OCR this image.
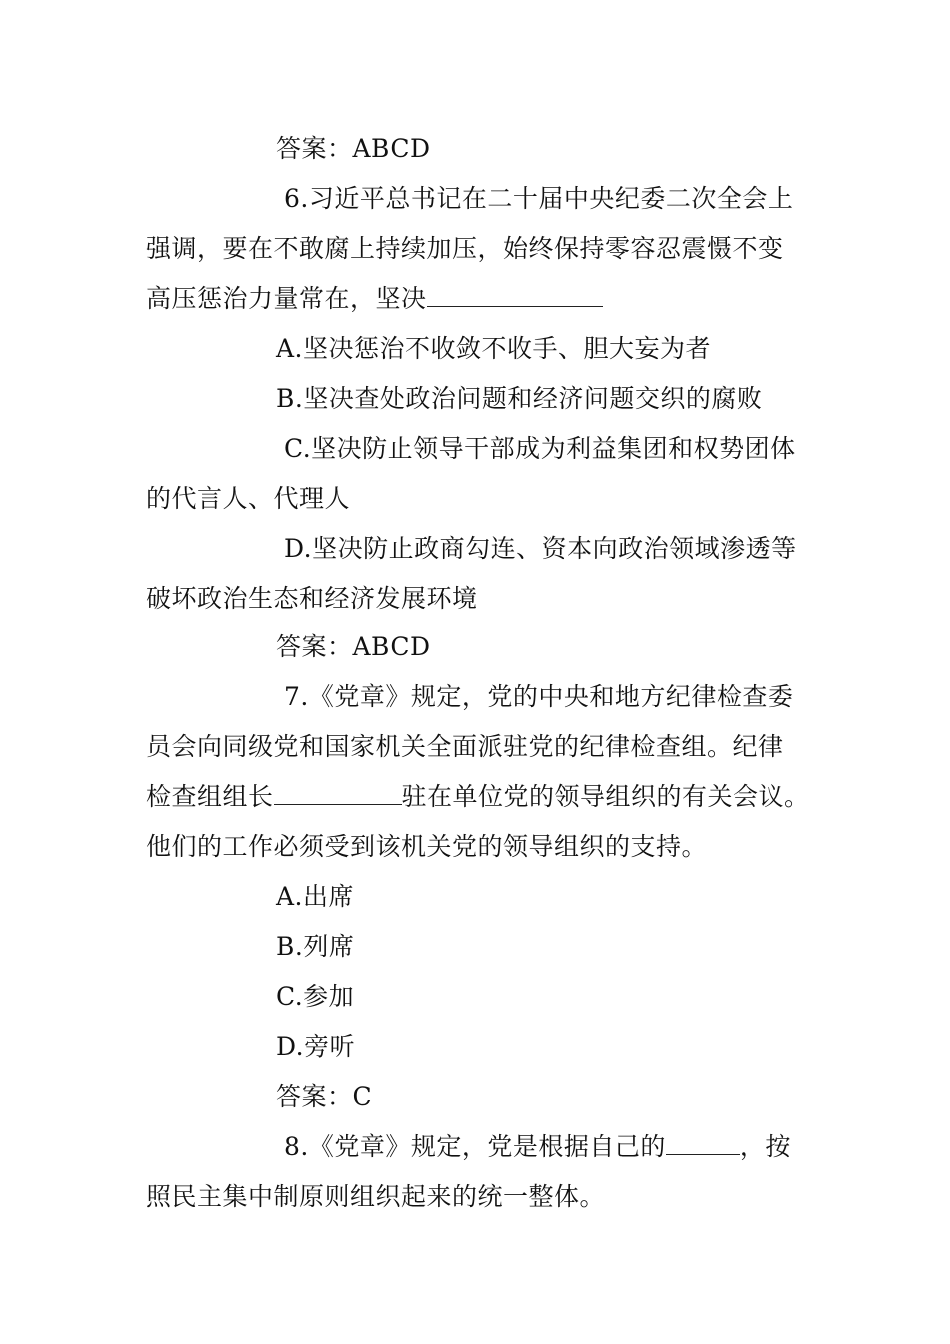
答案：ABCD
6.习近平总书记在二十届中央纪委二次全会上
强调，要在不敢腐上持续加压，始终保持零容忍震慑不变
高压惩治力量常在，坚决
A.坚决惩治不收敛不收手、胆大妄为者
B.坚决查处政治问题和经济问题交织的腐败
C.坚决防止领导干部成为利益集团和权势团体
的代言人、代理人
D.坚决防止政商勾连、资本向政治领域渗透等
破坏政治生态和经济发展环境
答案：ABCD
7.《党章》规定，党的中央和地方纪律检查委
员会向同级党和国家机关全面派驻党的纪律检查组。纪律
检查组组长	驻在单位党的领导组织的有关会议。
他们的工作必须受到该机关党的领导组织的支持。
A.出席
B.列席
C.参加
D.旁听
答案：C
8.《党章》规定，党是根据自己的	，按
照民主集中制原则组织起来的统一整体。
